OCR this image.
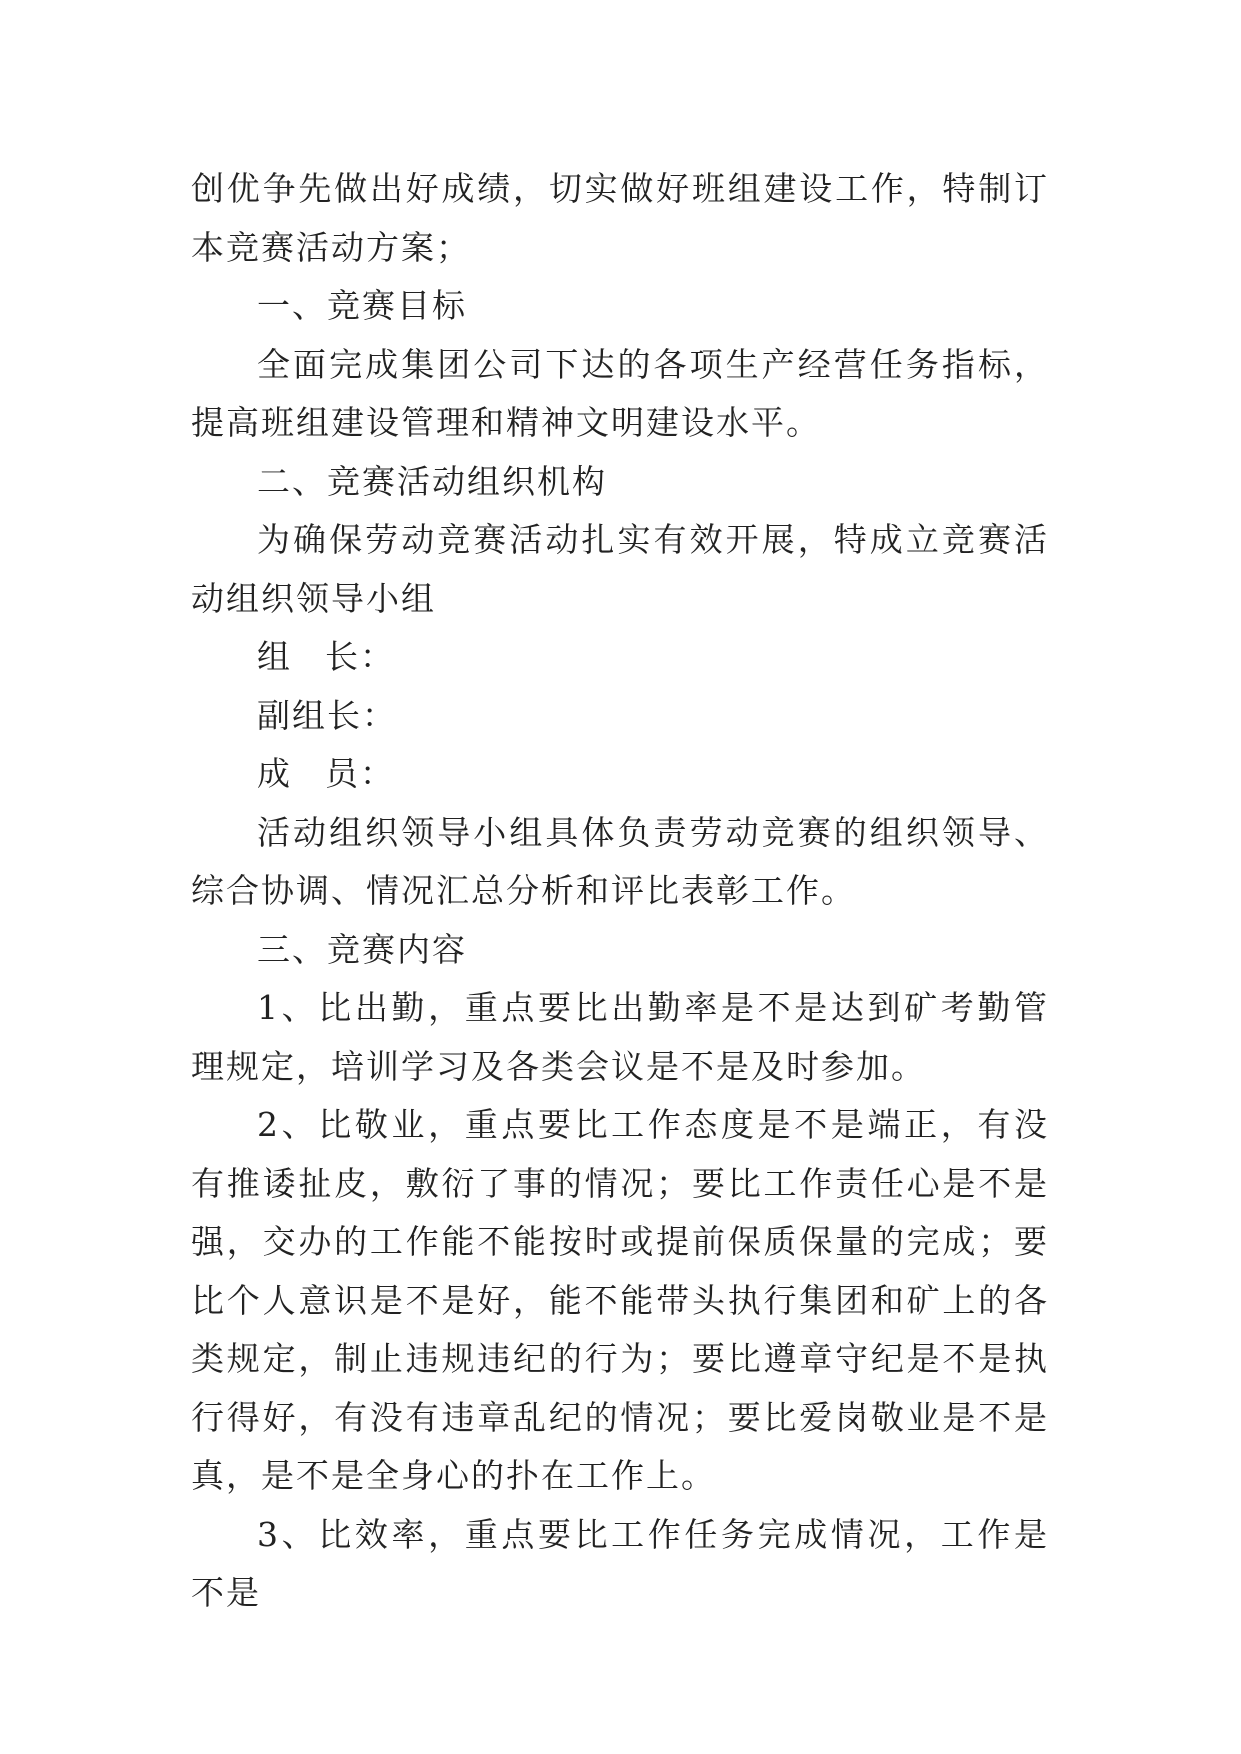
创优争先做出好成绩，切实做好班组建设工作，特制订本竞赛活动方案；

一、竞赛目标

全面完成集团公司下达的各项生产经营任务指标，提高班组建设管理和精神文明建设水平。

二、竞赛活动组织机构

为确保劳动竞赛活动扎实有效开展，特成立竞赛活动组织领导小组

组 长：

副组长：

成 员：

活动组织领导小组具体负责劳动竞赛的组织领导、综合协调、情况汇总分析和评比表彰工作。

三、竞赛内容

1、比出勤，重点要比出勤率是不是达到矿考勤管理规定，培训学习及各类会议是不是及时参加。

2、比敬业，重点要比工作态度是不是端正，有没有推诿扯皮，敷衍了事的情况；要比工作责任心是不是强，交办的工作能不能按时或提前保质保量的完成；要比个人意识是不是好，能不能带头执行集团和矿上的各类规定，制止违规违纪的行为；要比遵章守纪是不是执行得好，有没有违章乱纪的情况；要比爱岗敬业是不是真，是不是全身心的扑在工作上。

3、比效率，重点要比工作任务完成情况，工作是不是
